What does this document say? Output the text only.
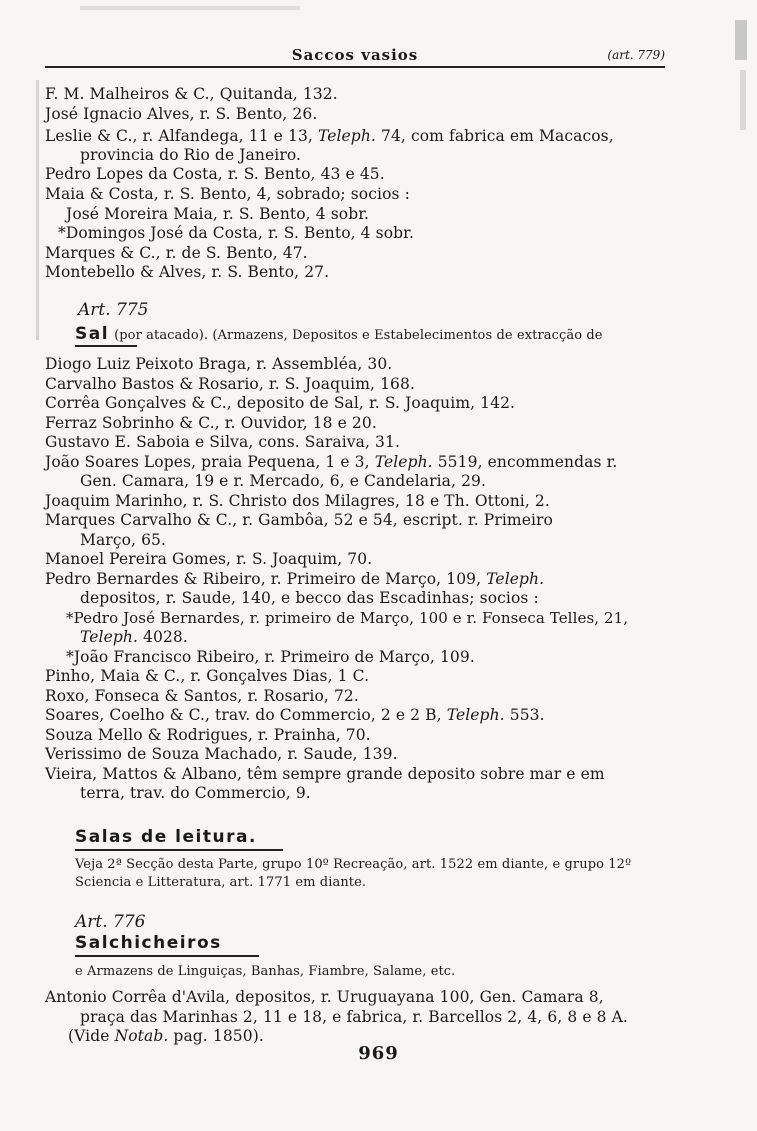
Saccos vasios	(art. 779)
F. M. Malheiros & C., Quitanda, 132.
José Ignacio Alves, r. S. Bento, 26.
Leslie & C., r. Alfandega, 11 e 13, Teleph. 74, com fabrica em Macacos,
provincia do Rio de Janeiro.
Pedro Lopes da Costa, r. S. Bento, 43 e 45.
Maia & Costa, r. S. Bento, 4, sobrado; socios :
José Moreira Maia, r. S. Bento, 4 sobr.
*Domingos José da Costa, r. S. Bento, 4 sobr.
Marques & C., r. de S. Bento, 47.
Montebello & Alves, r. S. Bento, 27.
Art. 775
Sal (por atacado). (Armazens, Depositos e Estabelecimentos de extracção de
Diogo Luiz Peixoto Braga, r. Assembléa, 30.
Carvalho Bastos & Rosario, r. S. Joaquim, 168.
Corrêa Gonçalves & C., deposito de Sal, r. S. Joaquim, 142.
Ferraz Sobrinho & C., r. Ouvidor, 18 e 20.
Gustavo E. Saboia e Silva, cons. Saraiva, 31.
João Soares Lopes, praia Pequena, 1 e 3, Teleph. 5519, encommendas r.
Gen. Camara, 19 e r. Mercado, 6, e Candelaria, 29.
Joaquim Marinho, r. S. Christo dos Milagres, 18 e Th. Ottoni, 2.
Marques Carvalho & C., r. Gambôa, 52 e 54, escript. r. Primeiro
Março, 65.
Manoel Pereira Gomes, r. S. Joaquim, 70.
Pedro Bernardes & Ribeiro, r. Primeiro de Março, 109, Teleph.
depositos, r. Saude, 140, e becco das Escadinhas; socios :
*Pedro José Bernardes, r. primeiro de Março, 100 e r. Fonseca Telles, 21,
Teleph. 4028.
*João Francisco Ribeiro, r. Primeiro de Março, 109.
Pinho, Maia & C., r. Gonçalves Dias, 1 C.
Roxo, Fonseca & Santos, r. Rosario, 72.
Soares, Coelho & C., trav. do Commercio, 2 e 2 B, Teleph. 553.
Souza Mello & Rodrigues, r. Prainha, 70.
Verissimo de Souza Machado, r. Saude, 139.
Vieira, Mattos & Albano, têm sempre grande deposito sobre mar e em
terra, trav. do Commercio, 9.
Salas de leitura.
Veja 2ª Secção desta Parte, grupo 10º Recreação, art. 1522 em diante, e grupo 12º
Sciencia e Litteratura, art. 1771 em diante.
Art. 776
Salchicheiros
e Armazens de Linguiças, Banhas, Fiambre, Salame, etc.
Antonio Corrêa d'Avila, depositos, r. Uruguayana 100, Gen. Camara 8,
praça das Marinhas 2, 11 e 18, e fabrica, r. Barcellos 2, 4, 6, 8 e 8 A.
(Vide Notab. pag. 1850).
969
